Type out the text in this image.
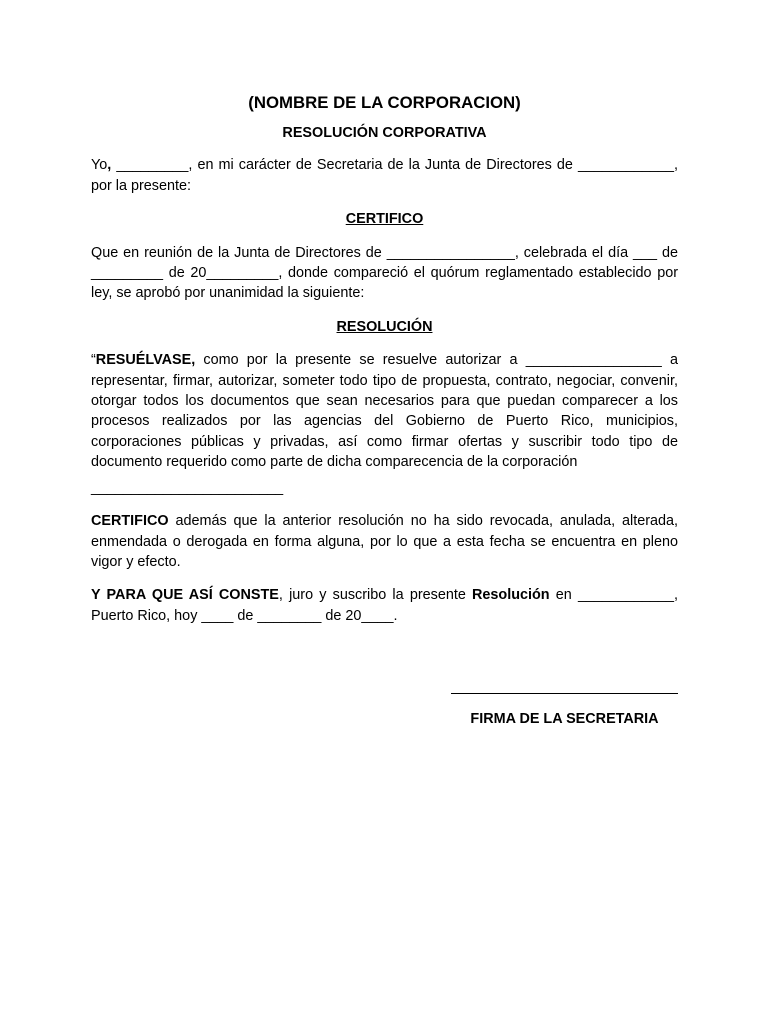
(NOMBRE DE LA CORPORACION)
RESOLUCIÓN CORPORATIVA
Yo, _________, en mi carácter de Secretaria de la Junta de Directores de ____________, por la presente:
CERTIFICO
Que en reunión de la Junta de Directores de ________________, celebrada el día ___ de _________ de 20_________, donde compareció el quórum reglamentado establecido por ley, se aprobó por unanimidad la siguiente:
RESOLUCIÓN
“RESUÉLVASE, como por la presente se resuelve autorizar a _________________ a representar, firmar, autorizar, someter todo tipo de propuesta, contrato, negociar, convenir, otorgar todos los documentos que sean necesarios para que puedan comparecer a los procesos realizados por las agencias del Gobierno de Puerto Rico, municipios, corporaciones públicas y privadas, así como firmar ofertas y suscribir todo tipo de documento requerido como parte de dicha comparecencia de la corporación
________________________
CERTIFICO además que la anterior resolución no ha sido revocada, anulada, alterada, enmendada o derogada en forma alguna, por lo que a esta fecha se encuentra en pleno vigor y efecto.
Y PARA QUE ASÍ CONSTE, juro y suscribo la presente Resolución en ____________, Puerto Rico, hoy ____ de ________ de 20____.
FIRMA DE LA SECRETARIA
